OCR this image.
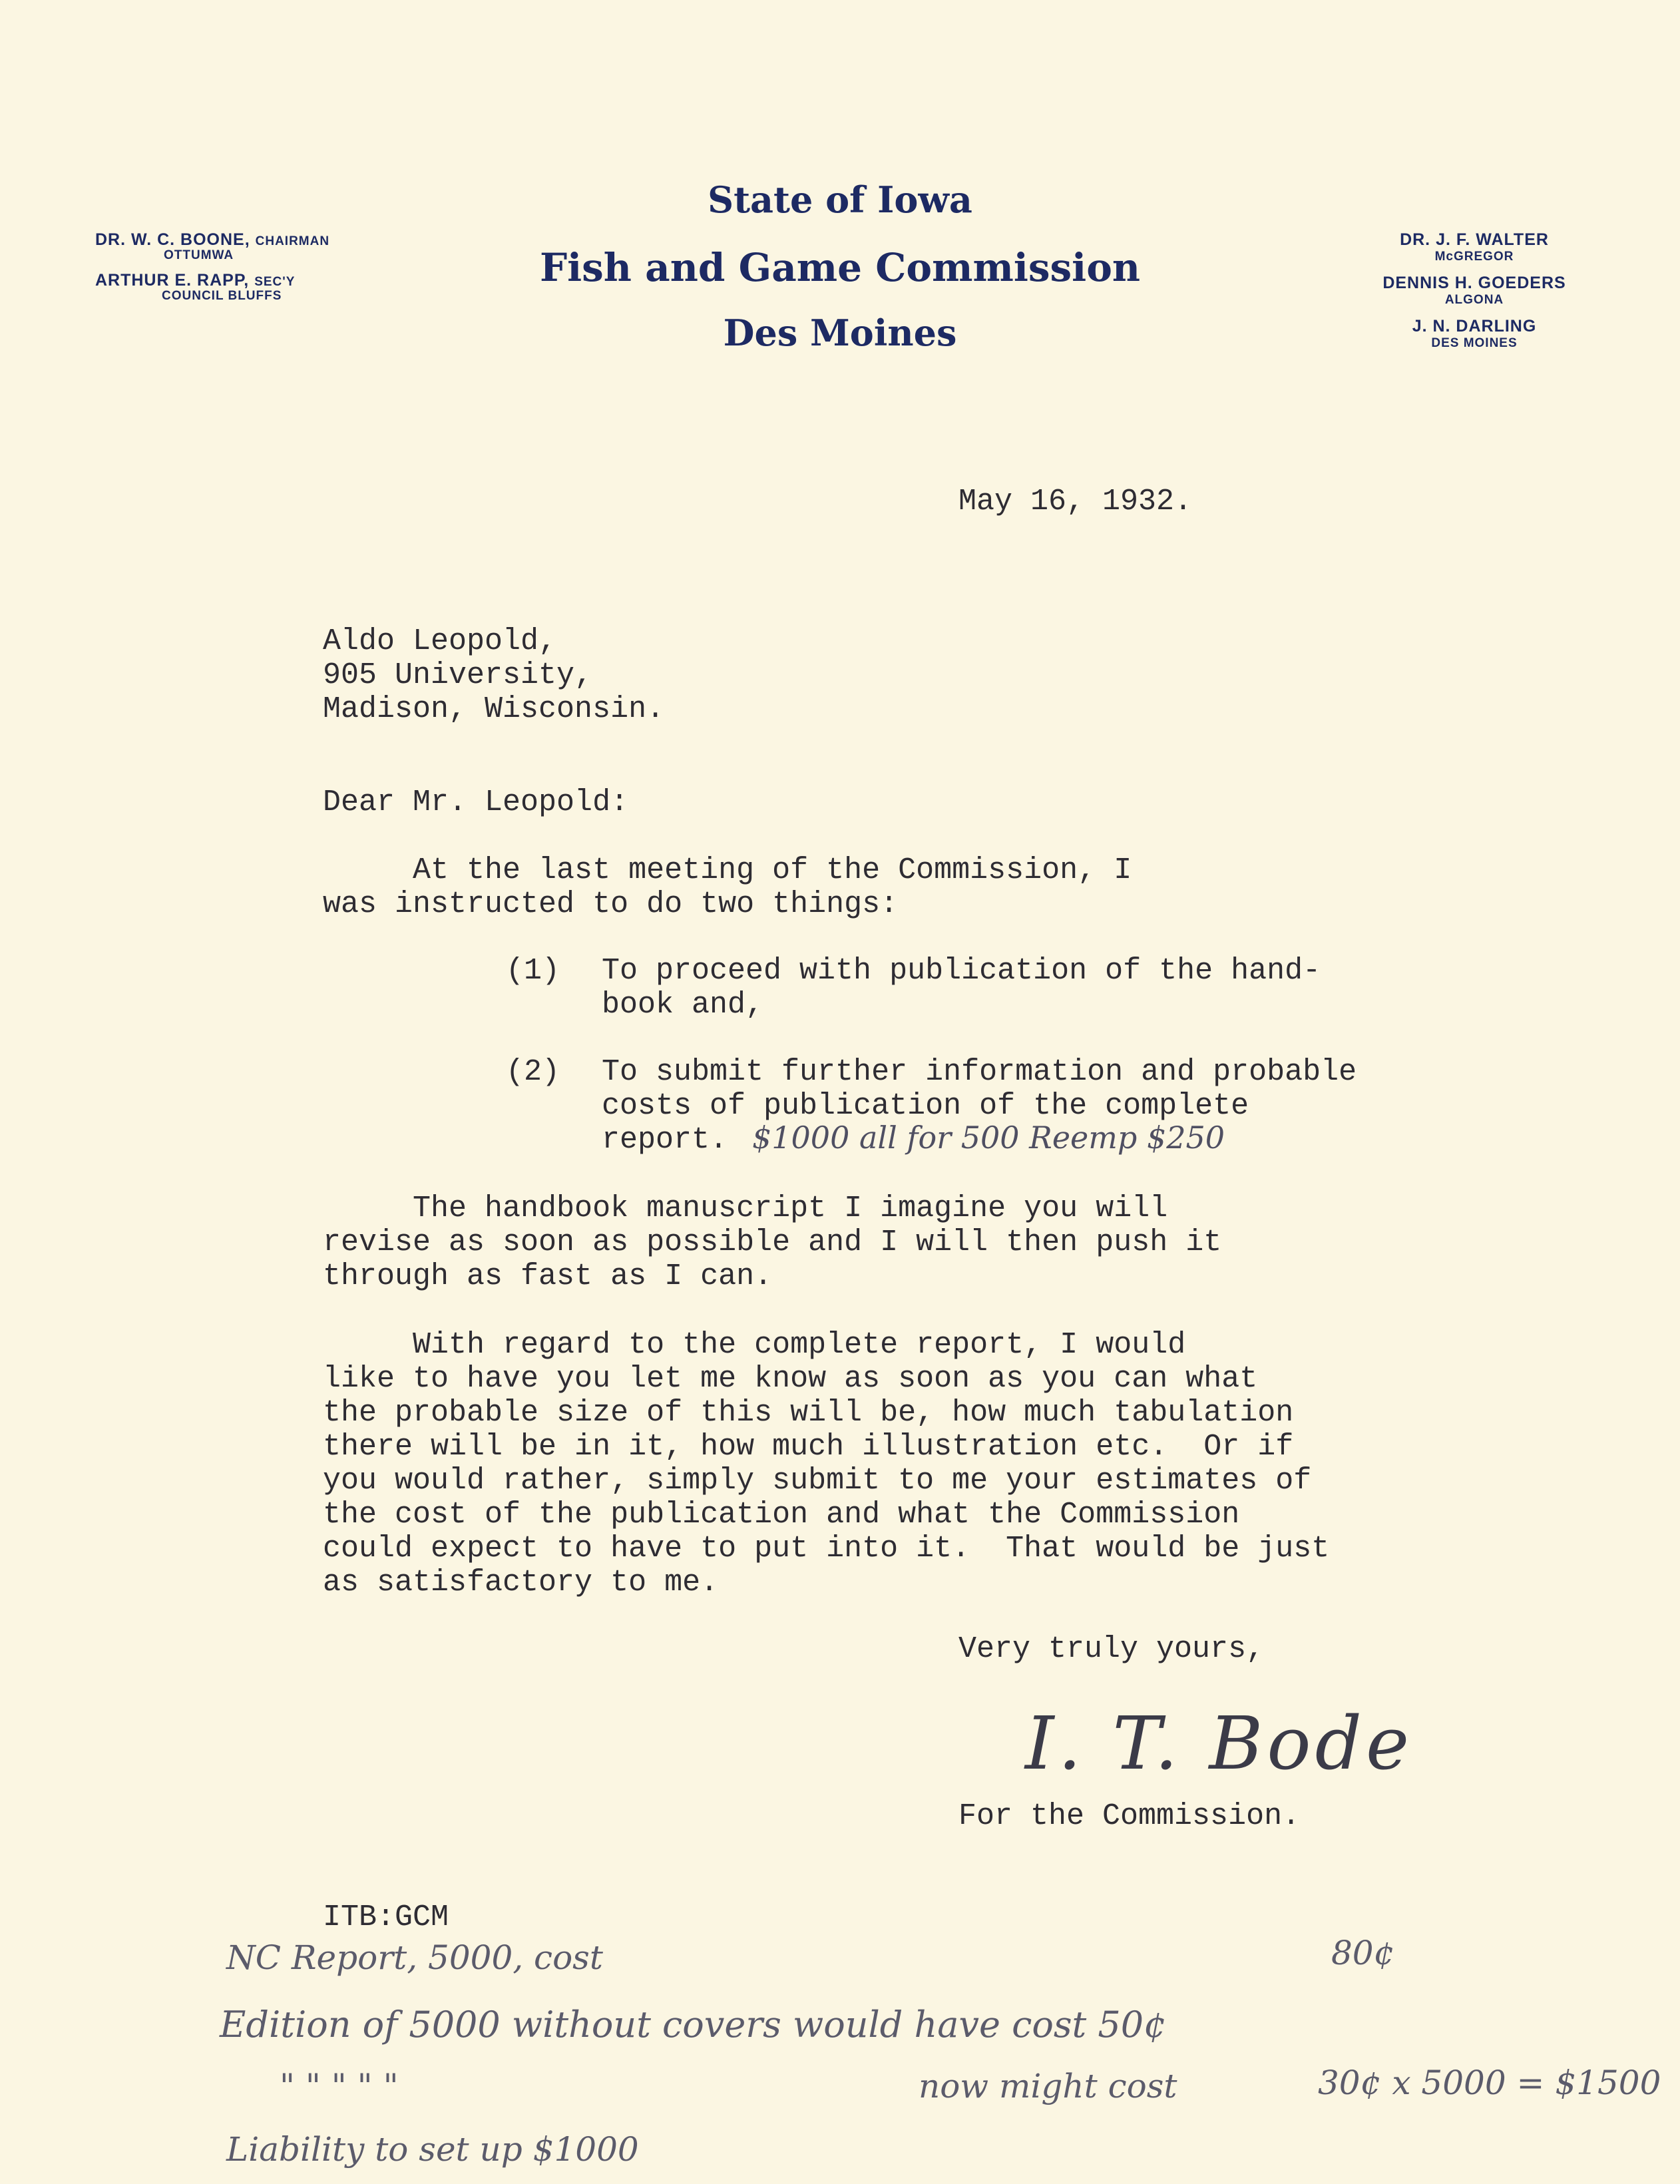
DR. W. C. BOONE, CHAIRMAN
OTTUMWA
ARTHUR E. RAPP, SEC'Y
COUNCIL BLUFFS
State of Iowa
Fish and Game Commission
Des Moines
DR. J. F. WALTER
McGREGOR
DENNIS H. GOEDERS
ALGONA
J. N. DARLING
DES MOINES
May 16, 1932.
Aldo Leopold,
905 University,
Madison, Wisconsin.
Dear Mr. Leopold:
At the last meeting of the Commission, I
was instructed to do two things:
(1) To proceed with publication of the hand-
book and,
(2) To submit further information and probable
costs of publication of the complete
report. $1000 all for 500 Reemp $250
The handbook manuscript I imagine you will
revise as soon as possible and I will then push it
through as fast as I can.
With regard to the complete report, I would
like to have you let me know as soon as you can what
the probable size of this will be, how much tabulation
there will be in it, how much illustration etc.  Or if
you would rather, simply submit to me your estimates of
the cost of the publication and what the Commission
could expect to have to put into it.  That would be just
as satisfactory to me.
Very truly yours,
I. T. Bode
For the Commission.
ITB:GCM
NC Report, 5000, cost	80¢
Edition of 5000 without covers would have cost 50¢
" " " " "	now might cost	30¢ x 5000 = $1500
Liability to set up $1000
